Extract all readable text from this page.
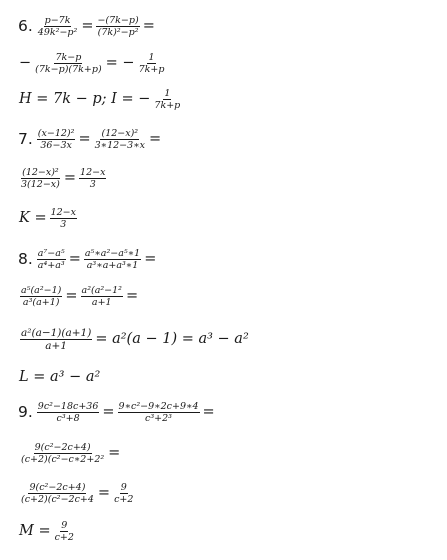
6. $\frac{p-7k}{\text{49k²−p²}} = \frac{-(7k-p)}{\text{(7k)²−p²}}$ =
− $\frac{7k-p}{(7k-p)(7k+p)}$ = − $\frac{1}{7k+p}$
H = 7k − p; I = − $\frac{1}{7k+p}$
7. $\frac{\text{(x−12)²}}{36-3x} = \frac{\text{(12−x)²}}{3∗12-3∗x}$ =
$\frac{\text{(12−x)²}}{3(12-x)} = \frac{12-x}{3}$
$K = \frac{12-x}{3}$
8. $\frac{\text{a⁷−a⁵}}{\text{a⁴+a³}} = \frac{\text{a⁵∗a²−a⁵∗1}}{\text{a³∗a+a³∗1}}$ =
$\frac{\text{a⁵(a²−1)}}{\text{a³(a+1)}} = \frac{\text{a²(a²−1²}}{a+1}$ =
$\frac{\text{a²(a−1)(a+1)}}{a+1} = a^2(a - 1) = a^3 - a^2$
L = a³ − a²
9. $\frac{\text{9c²−18c+36}}{\text{c³+8}} = \frac{\text{9∗c²−9∗2c+9∗4}}{\text{c³+2³}}$ =
$\frac{\text{9(c²−2c+4)}}{\text{(c+2)(c²−c∗2+2²}}$ =
$\frac{\text{9(c²−2c+4)}}{\text{(c+2)(c²−2c+4}} = \frac{9}{c+2}$
$M = \frac{9}{c+2}$
